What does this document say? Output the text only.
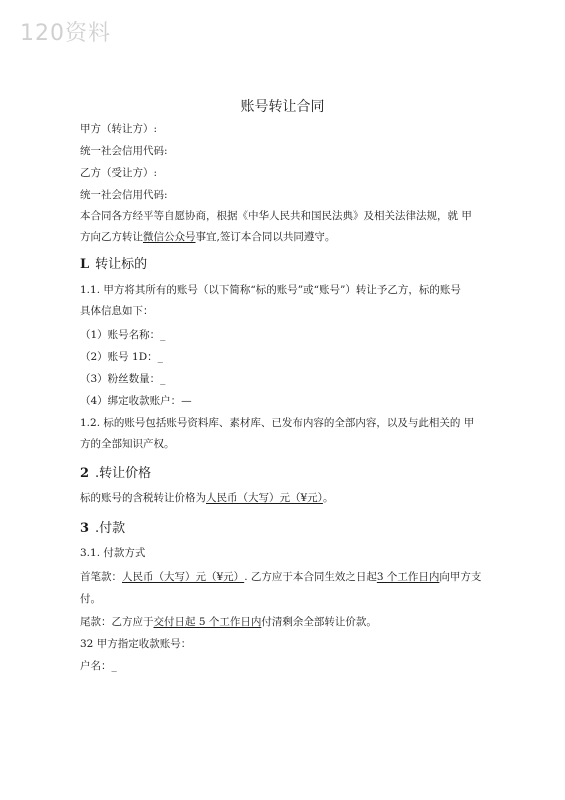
120资料
账号转让合同
甲方（转让方）:
统一社会信用代码:
乙方（受让方）:
统一社会信用代码:
本合同各方经平等自愿协商，根据《中华人民共和国民法典》及相关法律法规，就 甲
方向乙方转让微信公众号事宜,签订本合同以共同遵守。
L 转让标的
1.1. 甲方将其所有的账号（以下简称“标的账号”或“账号”）转让予乙方，标的账号
具体信息如下：
（1）账号名称：_
（2）账号 1D：_
（3）粉丝数量：_
（4）绑定收款账户：—
1.2. 标的账号包括账号资料库、素材库、已发布内容的全部内容，以及与此相关的 甲
方的全部知识产权。
2 .转让价格
标的账号的含税转让价格为人民币（大写）元（¥元）。
3 .付款
3.1. 付款方式
首笔款：人民币（大写）元（¥元）. 乙方应于本合同生效之日起3 个工作日内向甲方支
付。
尾款：乙方应于交付日起 5 个工作日内付清剩余全部转让价款。
32 甲方指定收款账号：
户名：_
